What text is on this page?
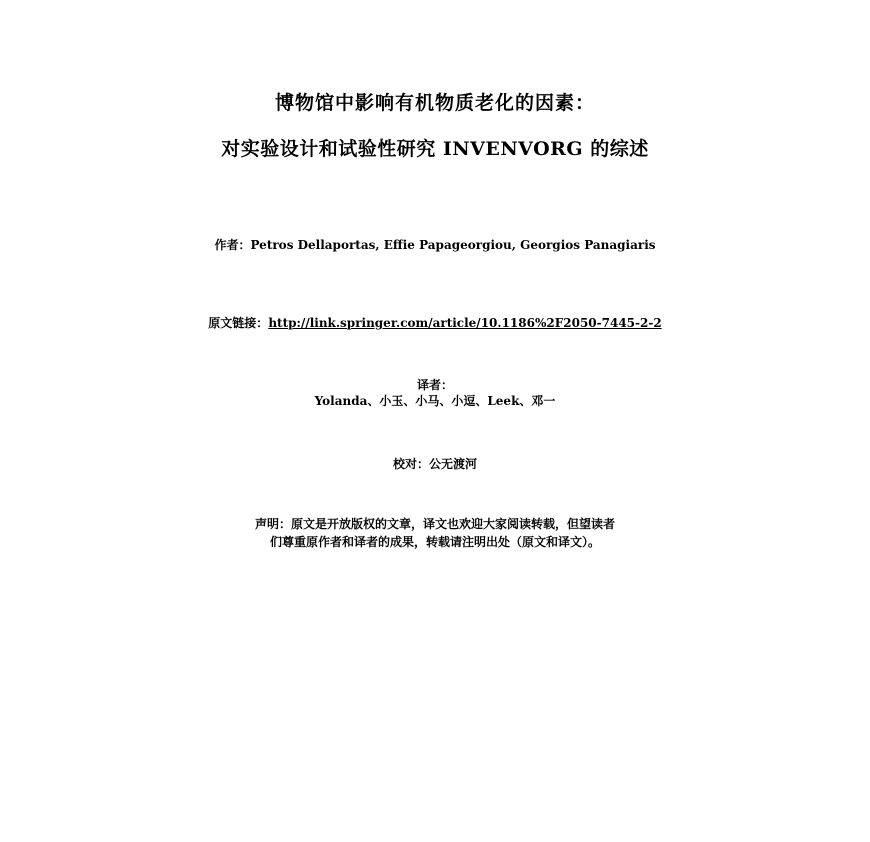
博物馆中影响有机物质老化的因素：
对实验设计和试验性研究 INVENVORG 的综述
作者：Petros Dellaportas, Effie Papageorgiou, Georgios Panagiaris
原文链接：http://link.springer.com/article/10.1186%2F2050-7445-2-2
译者：
Yolanda、小玉、小马、小逗、Leek、邓一
校对：公无渡河
声明：原文是开放版权的文章，译文也欢迎大家阅读转载，但望读者
们尊重原作者和译者的成果，转载请注明出处（原文和译文）。
